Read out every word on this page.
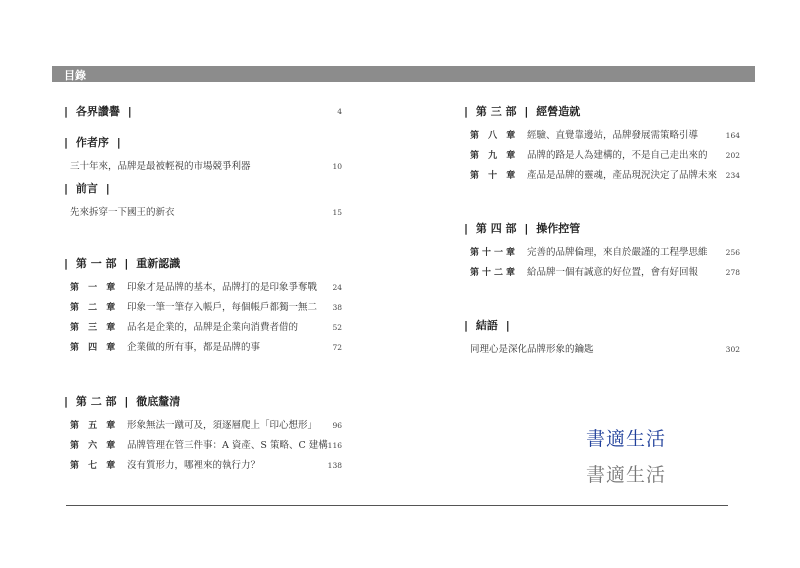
目錄
| 各界讚譽 |	4
| 作者序 |
三十年來，品牌是最被輕視的市場競爭利器	10
| 前言 |
先來拆穿一下國王的新衣	15
| 第 一 部 | 重新認識
第 一 章 印象才是品牌的基本，品牌打的是印象爭奪戰 24
第 二 章 印象一筆一筆存入帳戶，每個帳戶都獨一無二 38
第 三 章 品名是企業的，品牌是企業向消費者借的	52
第 四 章 企業做的所有事，都是品牌的事	72
| 第 二 部 | 徹底釐清
第 五 章 形象無法一蹴可及，須逐層爬上「印心想形」 96
第 六 章 品牌管理在管三件事：A 資產、S 策略、C 建構 116
第 七 章 沒有質形力，哪裡來的執行力？	138
| 第 三 部 | 經營造就
第 八 章 經驗、直覺靠邊站，品牌發展需策略引導	164
第 九 章 品牌的路是人為建構的，不是自己走出來的 202
第 十 章 產品是品牌的靈魂，產品現況決定了品牌未來 234
| 第 四 部 | 操作控管
第十一章 完善的品牌倫理，來自於嚴謹的工程學思維 256
第十二章 給品牌一個有誠意的好位置，會有好回報	278
| 結語 |
同理心是深化品牌形象的鑰匙	302
書適生活
書適生活
